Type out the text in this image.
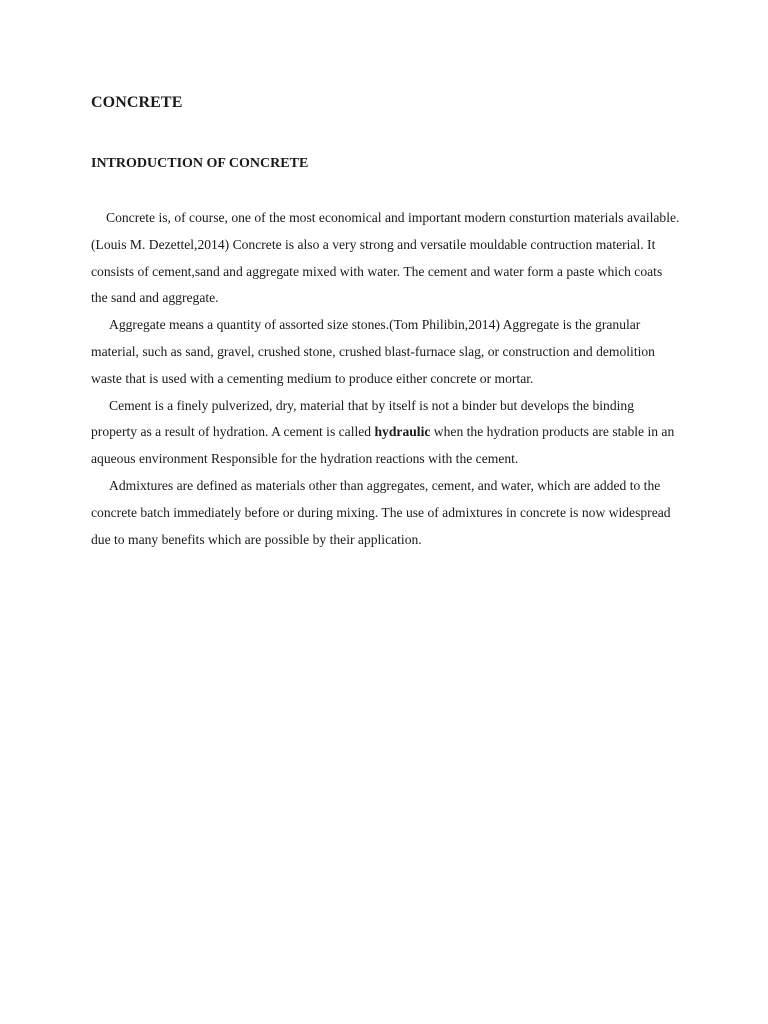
CONCRETE
INTRODUCTION OF CONCRETE

Concrete is, of course, one of the most economical and important modern consturtion materials available.(Louis M. Dezettel,2014) Concrete is also a very strong and versatile mouldable contruction material. It consists of cement,sand and aggregate mixed with water. The cement and water form a paste which coats the sand and aggregate.

Aggregate means a quantity of assorted size stones.(Tom Philibin,2014) Aggregate is the granular material, such as sand, gravel, crushed stone, crushed blast-furnace slag, or construction and demolition waste that is used with a cementing medium to produce either concrete or mortar.

Cement is a finely pulverized, dry, material that by itself is not a binder but develops the binding property as a result of hydration. A cement is called hydraulic when the hydration products are stable in an aqueous environment Responsible for the hydration reactions with the cement.

Admixtures are defined as materials other than aggregates, cement, and water, which are added to the concrete batch immediately before or during mixing. The use of admixtures in concrete is now widespread due to many benefits which are possible by their application.
